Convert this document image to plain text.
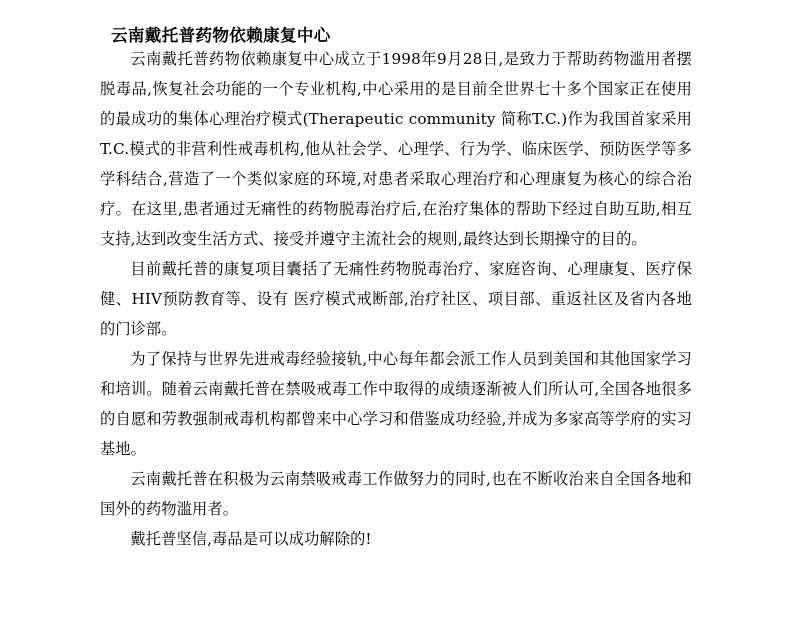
云南戴托普药物依赖康复中心

云南戴托普药物依赖康复中心成立于1998年9月28日,是致力于帮助药物滥用者摆脱毒品,恢复社会功能的一个专业机构,中心采用的是目前全世界七十多个国家正在使用的最成功的集体心理治疗模式(Therapeutic community 简称T.C.)作为我国首家采用T.C.模式的非营利性戒毒机构,他从社会学、心理学、行为学、临床医学、预防医学等多学科结合,营造了一个类似家庭的环境,对患者采取心理治疗和心理康复为核心的综合治疗。在这里,患者通过无痛性的药物脱毒治疗后,在治疗集体的帮助下经过自助互助,相互支持,达到改变生活方式、接受并遵守主流社会的规则,最终达到长期操守的目的。

目前戴托普的康复项目囊括了无痛性药物脱毒治疗、家庭咨询、心理康复、医疗保健、HIV预防教育等、设有 医疗模式戒断部,治疗社区、项目部、重返社区及省内各地的门诊部。

为了保持与世界先进戒毒经验接轨,中心每年都会派工作人员到美国和其他国家学习和培训。随着云南戴托普在禁吸戒毒工作中取得的成绩逐渐被人们所认可,全国各地很多的自愿和劳教强制戒毒机构都曾来中心学习和借鉴成功经验,并成为多家高等学府的实习基地。

云南戴托普在积极为云南禁吸戒毒工作做努力的同时,也在不断收治来自全国各地和国外的药物滥用者。

戴托普坚信,毒品是可以成功解除的!
